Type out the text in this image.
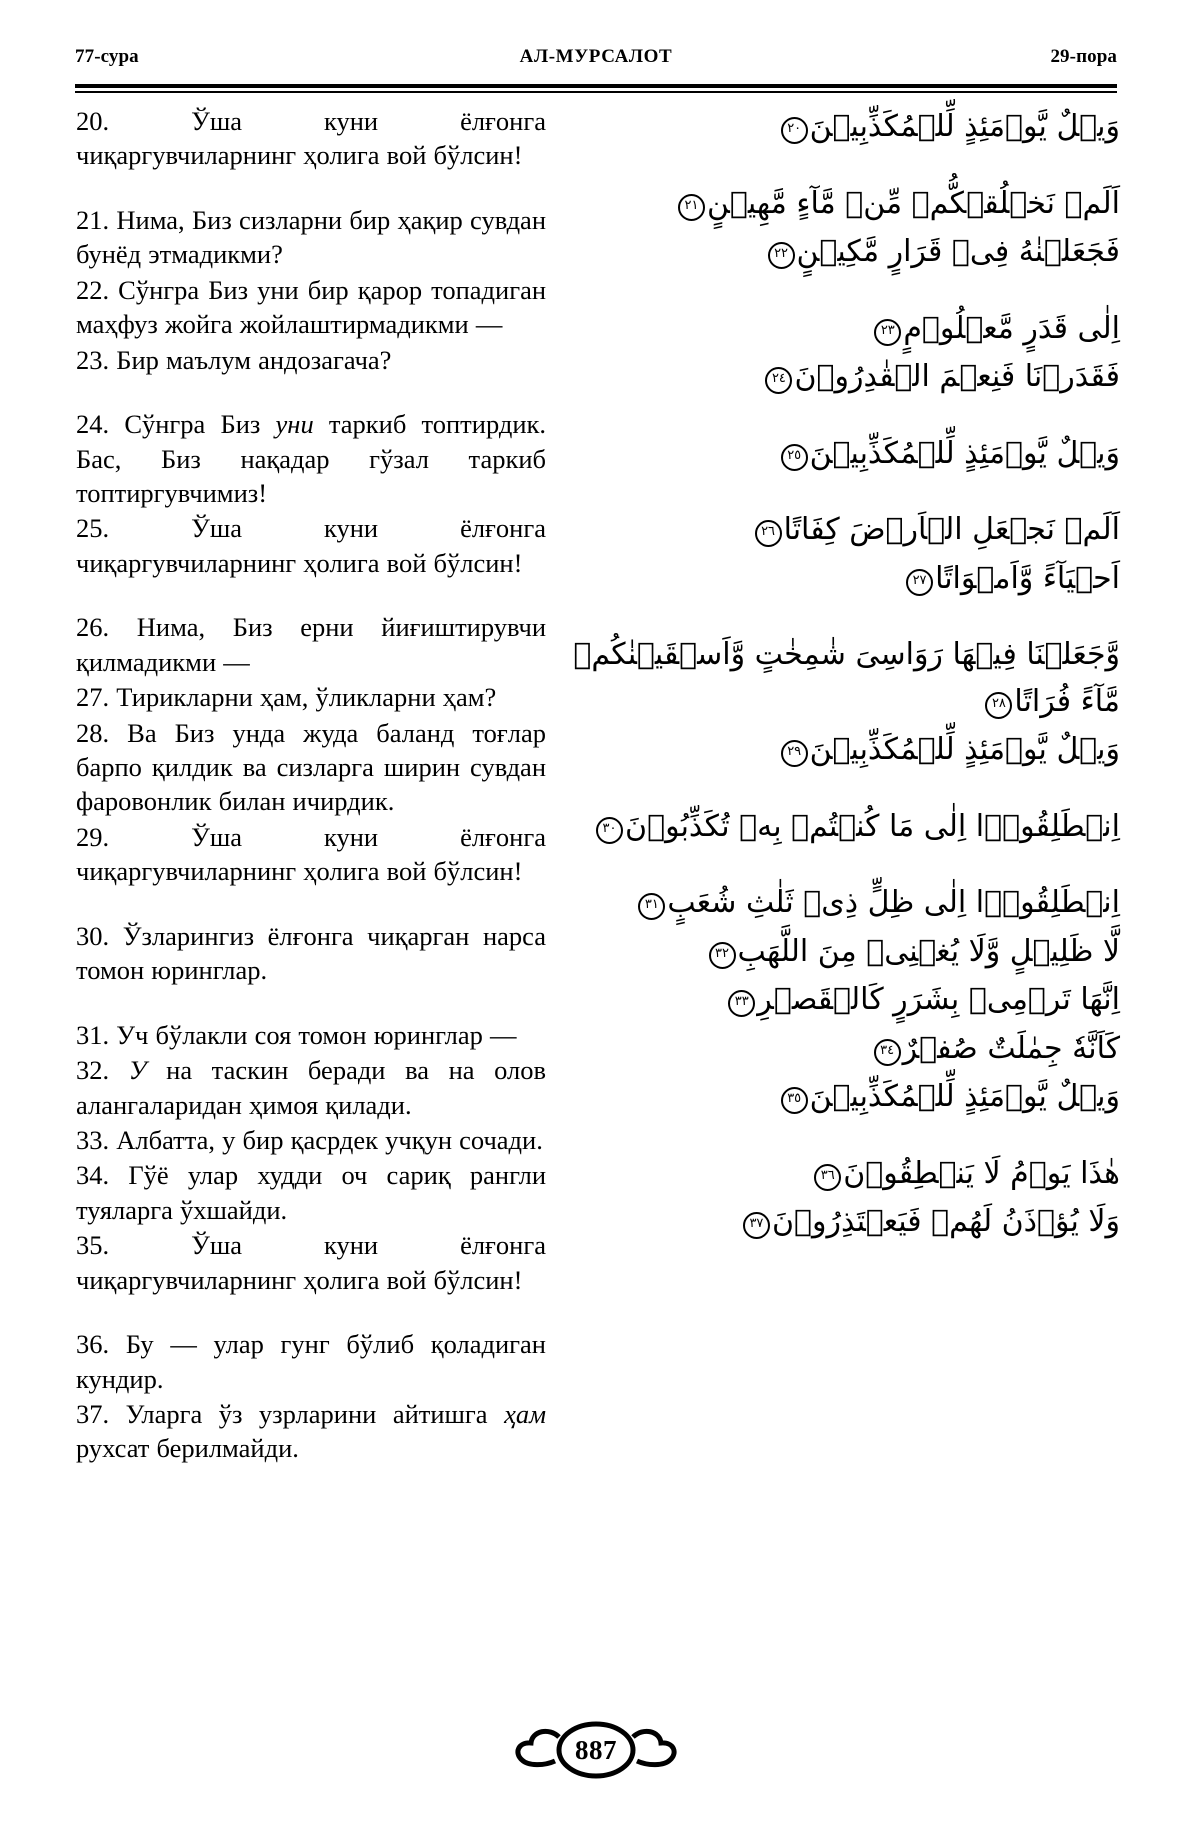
77-сура	АЛ-МУРСАЛОТ	29-пора

20.	Ўша куни ёлғонга чиқаргувчиларнинг ҳолига вой бўлсин!

21. Нима, Биз сизларни бир ҳақир сувдан бунёд этмадикми?

22. Сўнгра Биз уни бир қарор топадиган маҳфуз жойга жойлаштирмадикми —

23. Бир маълум андозагача?

24. Сўнгра Биз уни таркиб топтирдик. Бас, Биз нақадар гўзал таркиб топтиргувчимиз!

25.	Ўша куни ёлғонга чиқаргувчиларнинг ҳолига вой бўлсин!

26. Нима, Биз ерни йиғиштирувчи қилмадикми —

27. Тирикларни ҳам, ўликларни ҳам?

28. Ва Биз унда жуда баланд тоғлар барпо қилдик ва сизларга ширин сувдан фаровонлик билан ичирдик.

29.	Ўша куни ёлғонга чиқаргувчиларнинг ҳолига вой бўлсин!

30. Ўзларингиз ёлғонга чиқарган нарса томон юринглар.

31. Уч бўлакли соя томон юринглар —

32. У на таскин беради ва на олов алангаларидан ҳимоя қилади.

33. Албатта, у бир қасрдек учқун сочади.

34. Гўё улар худди оч сариқ рангли туяларга ўхшайди.

35.	Ўша куни ёлғонга чиқаргувчиларнинг ҳолига вой бўлсин!

36. Бу — улар гунг бўлиб қоладиган кундир.

37. Уларга ўз узрларини айтишга ҳам рухсат берилмайди.

وَيۡلٌ يَّوۡمَئِذٍ لِّلۡمُكَذِّبِيۡنَ٢٠
اَلَمۡ نَخۡلُقۡكُّمۡ مِّنۡ مَّآءٍ مَّهِيۡنٍ٢١
فَجَعَلۡنٰهُ فِىۡ قَرَارٍ مَّكِيۡنٍ٢٢
اِلٰى قَدَرٍ مَّعۡلُوۡمٍ٢٣
فَقَدَرۡنَا فَنِعۡمَ الۡقٰدِرُوۡنَ٢٤
وَيۡلٌ يَّوۡمَئِذٍ لِّلۡمُكَذِّبِيۡنَ٢٥
اَلَمۡ نَجۡعَلِ الۡاَرۡضَ كِفَاتًا٢٦
اَحۡيَآءً وَّاَمۡوَاتًا٢٧
وَّجَعَلۡنَا فِيۡهَا رَوَاسِىَ شٰمِخٰتٍ وَّاَسۡقَيۡنٰكُمۡ
مَّآءً فُرَاتًا٢٨
وَيۡلٌ يَّوۡمَئِذٍ لِّلۡمُكَذِّبِيۡنَ٢٩
اِنۡطَلِقُوۡۤا اِلٰى مَا كُنۡتُمۡ بِهٖ تُكَذِّبُوۡنَ٣٠
اِنۡطَلِقُوۡۤا اِلٰى ظِلٍّ ذِىۡ ثَلٰثِ شُعَبٍ٣١
لَّا ظَلِيۡلٍ وَّلَا يُغۡنِىۡ مِنَ اللَّهَبِ٣٢
اِنَّهَا تَرۡمِىۡ بِشَرَرٍ كَالۡقَصۡرِ٣٣
كَاَنَّهٗ جِمٰلَتٌ صُفۡرٌ٣٤
وَيۡلٌ يَّوۡمَئِذٍ لِّلۡمُكَذِّبِيۡنَ٣٥
هٰذَا يَوۡمُ لَا يَنۡطِقُوۡنَ٣٦
وَلَا يُؤۡذَنُ لَهُمۡ فَيَعۡتَذِرُوۡنَ٣٧
887
